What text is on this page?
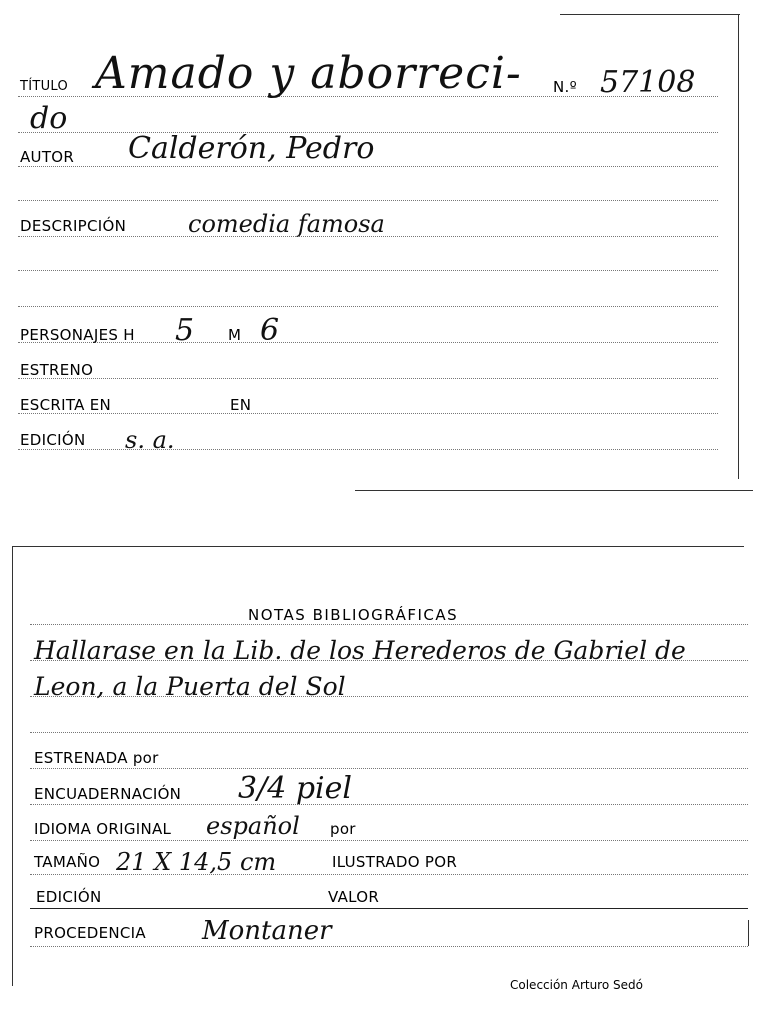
TÍTULO Amado y aborreci- N.º 57108
do
AUTOR Calderón, Pedro
DESCRIPCIÓN	comedia famosa
PERSONAJES H 5 M 6
ESTRENO
ESCRITA EN	EN
EDICIÓN s. a.
NOTAS BIBLIOGRÁFICAS
Hallarase en la Lib. de los Herederos de Gabriel de
Leon, a la Puerta del Sol
ESTRENADA por
ENCUADERNACIÓN 3/4 piel
IDIOMA ORIGINAL español por
TAMAÑO 21 X 14,5 cm	ILUSTRADO POR
EDICIÓN	VALOR
PROCEDENCIA Montaner
Colección Arturo Sedó
